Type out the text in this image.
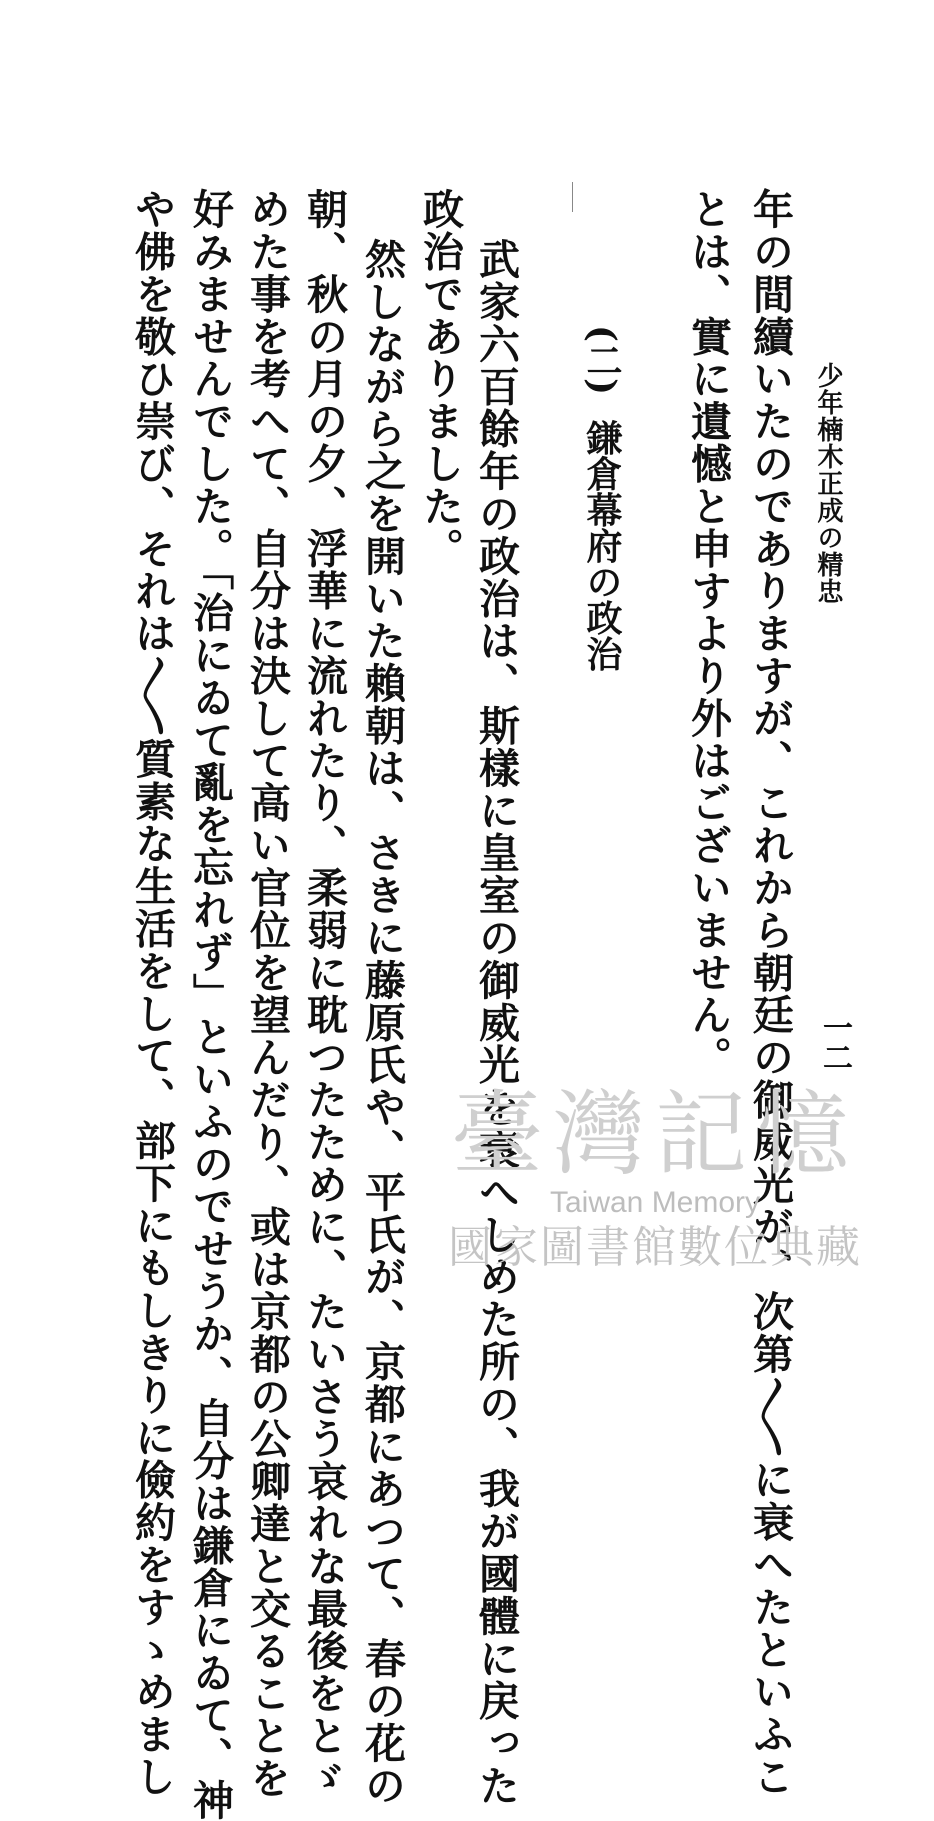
少年楠木正成の精忠
一二
年の間續いたのでありますが、これから朝廷の御威光が、次第〳〵に衰へたといふこ
とは、實に遺憾と申すより外はございません。
(二)鎌倉幕府の政治
武家六百餘年の政治は、斯樣に皇室の御威光を衰へしめた所の、我が國體に戻った
政治でありました。
然しながら之を開いた賴朝は、さきに藤原氏や、平氏が、京都にあつて、春の花の
朝、秋の月の夕、浮華に流れたり、柔弱に耽つたために、たいさう哀れな最後をとゞ
めた事を考へて、自分は決して高い官位を望んだり、或は京都の公卿達と交ることを
好みませんでした。「治にゐて亂を忘れず」といふのでせうか、自分は鎌倉にゐて、神
や佛を敬ひ崇び、それは〳〵質素な生活をして、部下にもしきりに儉約をすゝめまし	臺灣記憶
Taiwan Memory
國家圖書館數位典藏
